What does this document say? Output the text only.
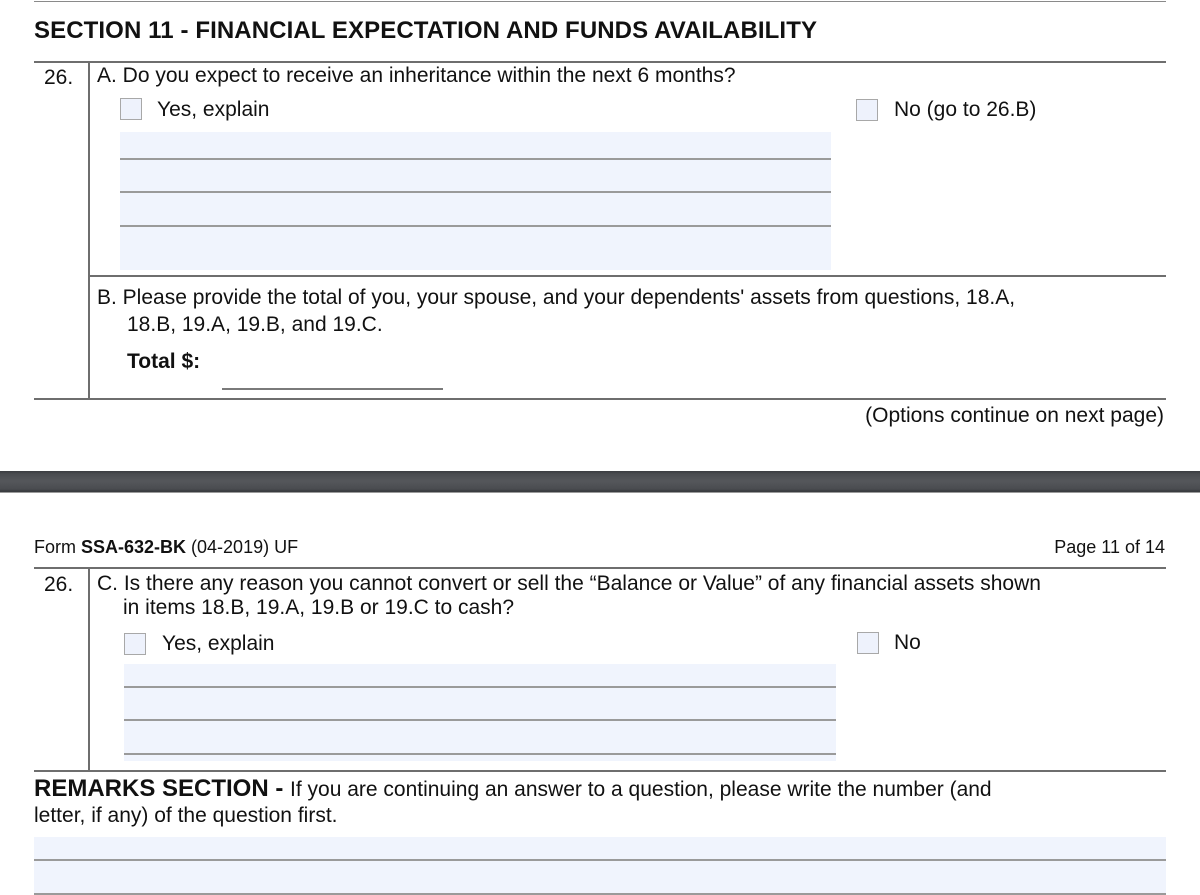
SECTION 11 - FINANCIAL EXPECTATION AND FUNDS AVAILABILITY
26. A. Do you expect to receive an inheritance within the next 6 months?
Yes, explain	No (go to 26.B)
B. Please provide the total of you, your spouse, and your dependents' assets from questions, 18.A,
18.B, 19.A, 19.B, and 19.C.
Total $:
(Options continue on next page)
Form SSA-632-BK (04-2019) UF	Page 11 of 14
26. C. Is there any reason you cannot convert or sell the “Balance or Value” of any financial assets shown
in items 18.B, 19.A, 19.B or 19.C to cash?
Yes, explain	No
REMARKS SECTION - If you are continuing an answer to a question, please write the number (and
letter, if any) of the question first.
